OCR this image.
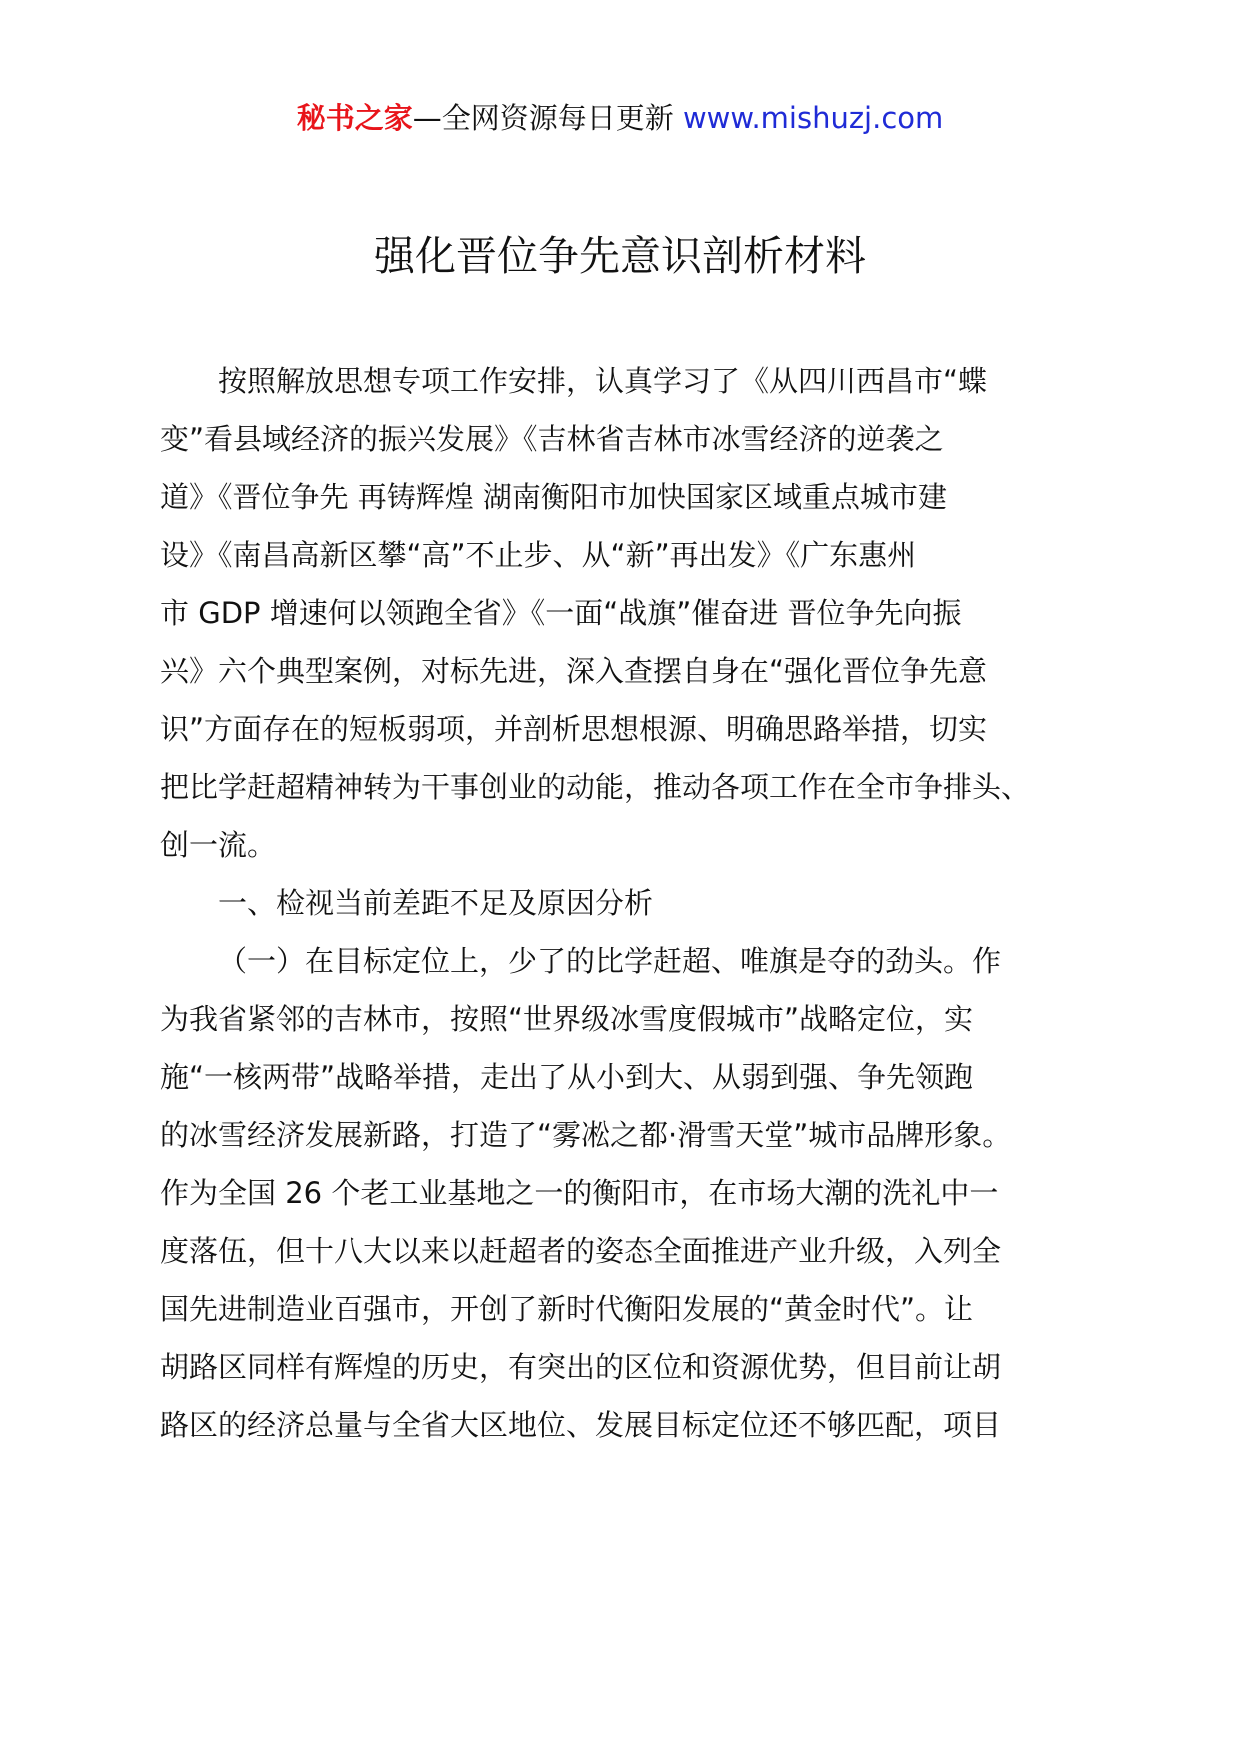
秘书之家—全网资源每日更新 www.mishuzj.com
强化晋位争先意识剖析材料
按照解放思想专项工作安排，认真学习了《从四川西昌市“蝶
变”看县域经济的振兴发展》《吉林省吉林市冰雪经济的逆袭之
道》《晋位争先 再铸辉煌 湖南衡阳市加快国家区域重点城市建
设》《南昌高新区攀“高”不止步、从“新”再出发》《广东惠州
市 GDP 增速何以领跑全省》《一面“战旗”催奋进 晋位争先向振
兴》六个典型案例，对标先进，深入查摆自身在“强化晋位争先意
识”方面存在的短板弱项，并剖析思想根源、明确思路举措，切实
把比学赶超精神转为干事创业的动能，推动各项工作在全市争排头、
创一流。
一、检视当前差距不足及原因分析
（一）在目标定位上，少了的比学赶超、唯旗是夺的劲头。作
为我省紧邻的吉林市，按照“世界级冰雪度假城市”战略定位，实
施“一核两带”战略举措，走出了从小到大、从弱到强、争先领跑
的冰雪经济发展新路，打造了“雾凇之都·滑雪天堂”城市品牌形象。
作为全国 26 个老工业基地之一的衡阳市，在市场大潮的洗礼中一
度落伍，但十八大以来以赶超者的姿态全面推进产业升级，入列全
国先进制造业百强市，开创了新时代衡阳发展的“黄金时代”。让
胡路区同样有辉煌的历史，有突出的区位和资源优势，但目前让胡
路区的经济总量与全省大区地位、发展目标定位还不够匹配，项目
